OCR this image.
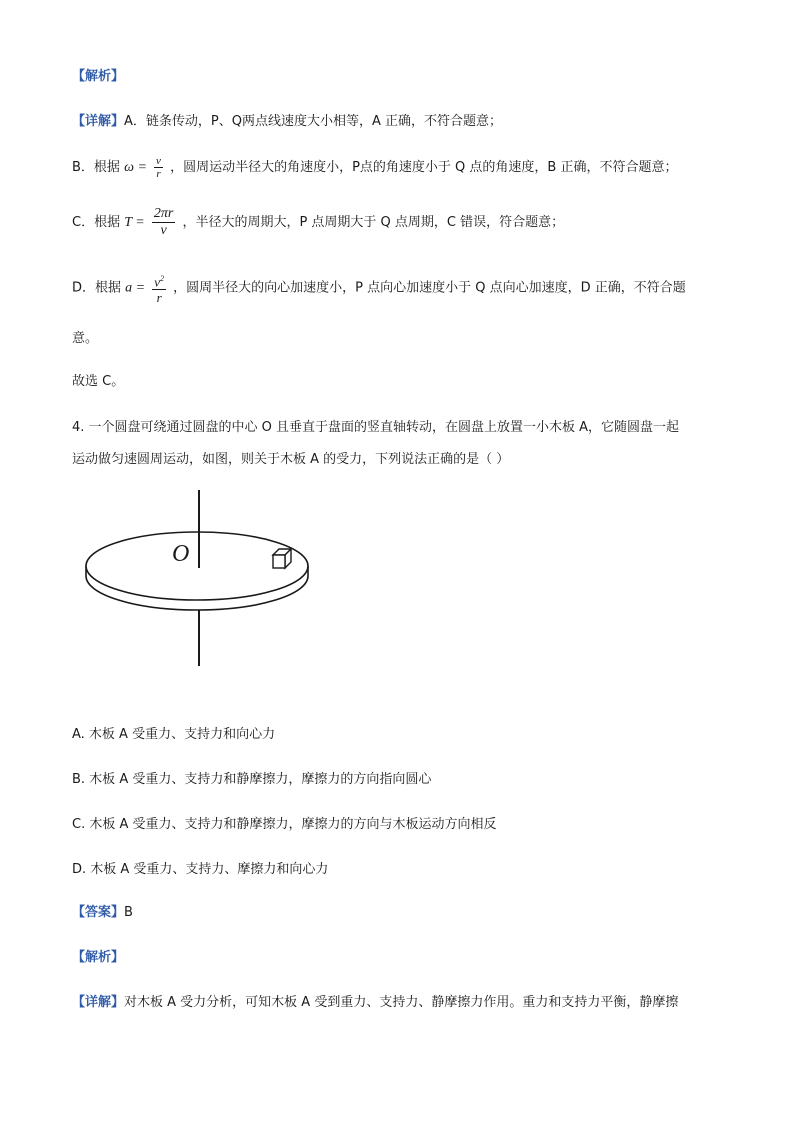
【解析】
【详解】A．链条传动，P、Q两点线速度大小相等，A 正确，不符合题意；
B．根据 $\omega = \frac{v}{r}$ ，圆周运动半径大的角速度小，P点的角速度小于 Q 点的角速度，B 正确，不符合题意；
C．根据 $T = \frac{2\pi r}{v}$ ，半径大的周期大，P 点周期大于 Q 点周期，C 错误，符合题意；
D．根据 $a = \frac{v^2}{r}$ ，圆周半径大的向心加速度小，P 点向心加速度小于 Q 点向心加速度，D 正确，不符合题
意。
故选 C。
4. 一个圆盘可绕通过圆盘的中心 O 且垂直于盘面的竖直轴转动，在圆盘上放置一小木板 A，它随圆盘一起
运动做匀速圆周运动，如图，则关于木板 A 的受力，下列说法正确的是（ ）
O
A. 木板 A 受重力、支持力和向心力
B. 木板 A 受重力、支持力和静摩擦力，摩擦力的方向指向圆心
C. 木板 A 受重力、支持力和静摩擦力，摩擦力的方向与木板运动方向相反
D. 木板 A 受重力、支持力、摩擦力和向心力
【答案】B
【解析】
【详解】对木板 A 受力分析，可知木板 A 受到重力、支持力、静摩擦力作用。重力和支持力平衡，静摩擦
